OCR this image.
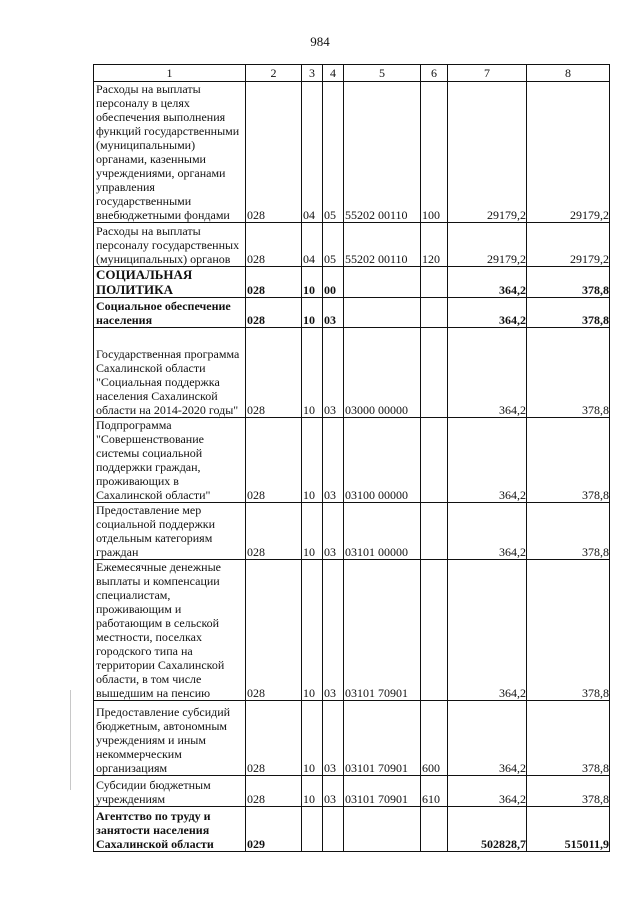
984
1	2	3	4	5	6	7	8
Расходы на выплаты персоналу в целях обеспечения выполнения функций государственными (муниципальными) органами, казенными учреждениями, органами управления государственными внебюджетными фондами	028	04	05	55202 00110	100	29179,2	29179,2
Расходы на выплаты персоналу государственных (муниципальных) органов	028	04	05	55202 00110	120	29179,2	29179,2
СОЦИАЛЬНАЯ ПОЛИТИКА	028	10	00			364,2	378,8
Социальное обеспечение населения	028	10	03			364,2	378,8
Государственная программа Сахалинской области "Социальная поддержка населения Сахалинской области на 2014-2020 годы"	028	10	03	03000 00000		364,2	378,8
Подпрограмма "Совершенствование системы социальной поддержки граждан, проживающих в Сахалинской области"	028	10	03	03100 00000		364,2	378,8
Предоставление мер социальной поддержки отдельным категориям граждан	028	10	03	03101 00000		364,2	378,8
Ежемесячные денежные выплаты и компенсации специалистам, проживающим и работающим в сельской местности, поселках городского типа на территории Сахалинской области, в том числе вышедшим на пенсию	028	10	03	03101 70901		364,2	378,8
Предоставление субсидий бюджетным, автономным учреждениям и иным некоммерческим организациям	028	10	03	03101 70901	600	364,2	378,8
Субсидии бюджетным учреждениям	028	10	03	03101 70901	610	364,2	378,8
Агентство по труду и занятости населения Сахалинской области	029					502828,7	515011,9
